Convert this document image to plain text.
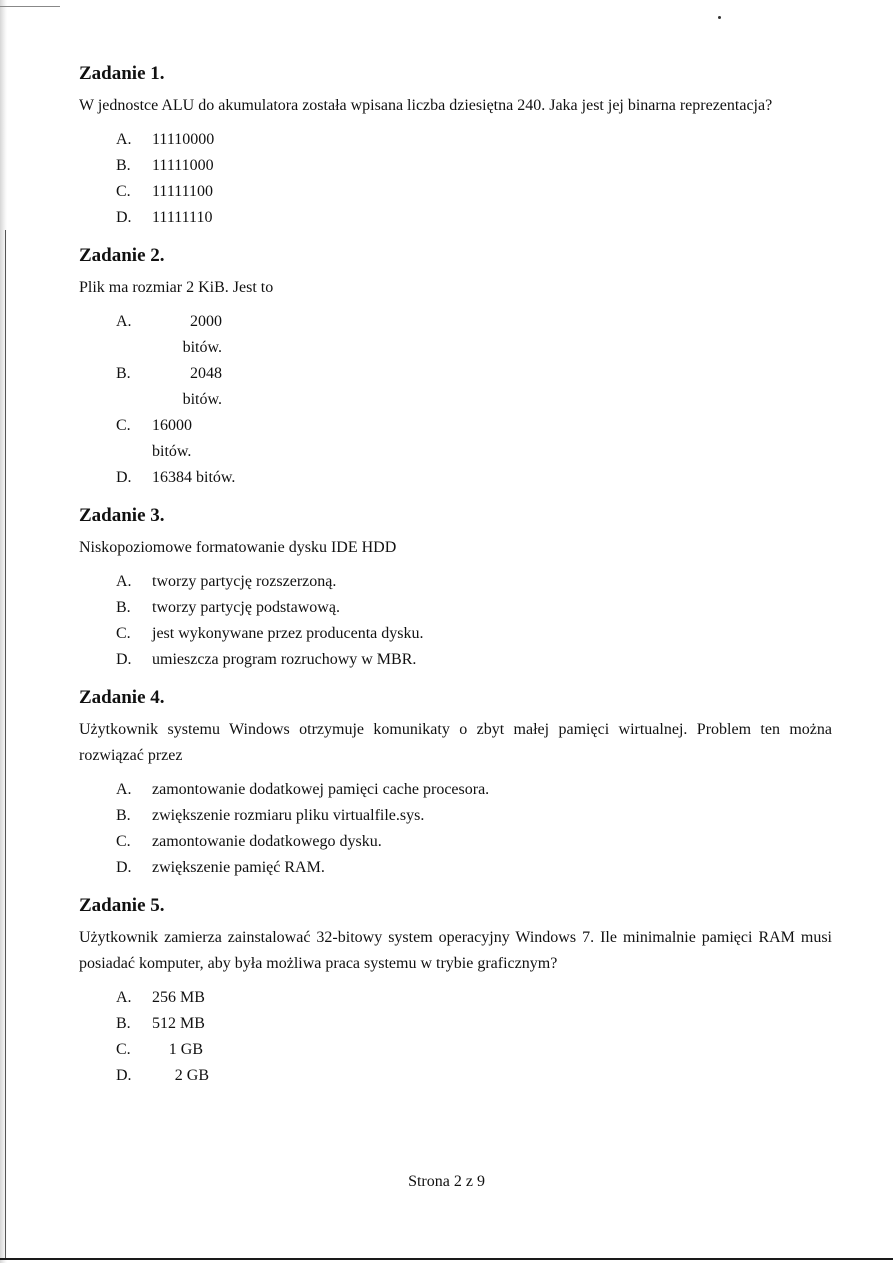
Zadanie 1.
W jednostce ALU do akumulatora została wpisana liczba dziesiętna 240. Jaka jest jej binarna reprezentacja?
A.	11110000
B.	11111000
C.	11111100
D.	11111110
Zadanie 2.
Plik ma rozmiar 2 KiB. Jest to
A.	2000 bitów.
B.	2048 bitów.
C.	16000 bitów.
D.	16384 bitów.
Zadanie 3.
Niskopoziomowe formatowanie dysku IDE HDD
A.	tworzy partycję rozszerzoną.
B.	tworzy partycję podstawową.
C.	jest wykonywane przez producenta dysku.
D.	umieszcza program rozruchowy w MBR.
Zadanie 4.
Użytkownik systemu Windows otrzymuje komunikaty o zbyt małej pamięci wirtualnej. Problem ten można rozwiązać przez
A.	zamontowanie dodatkowej pamięci cache procesora.
B.	zwiększenie rozmiaru pliku virtualfile.sys.
C.	zamontowanie dodatkowego dysku.
D.	zwiększenie pamięć RAM.
Zadanie 5.
Użytkownik zamierza zainstalować 32-bitowy system operacyjny Windows 7. Ile minimalnie pamięci RAM musi posiadać komputer, aby była możliwa praca systemu w trybie graficznym?
A.	256 MB
B.	512 MB
C.	1 GB
D.	2 GB
Strona 2 z 9
